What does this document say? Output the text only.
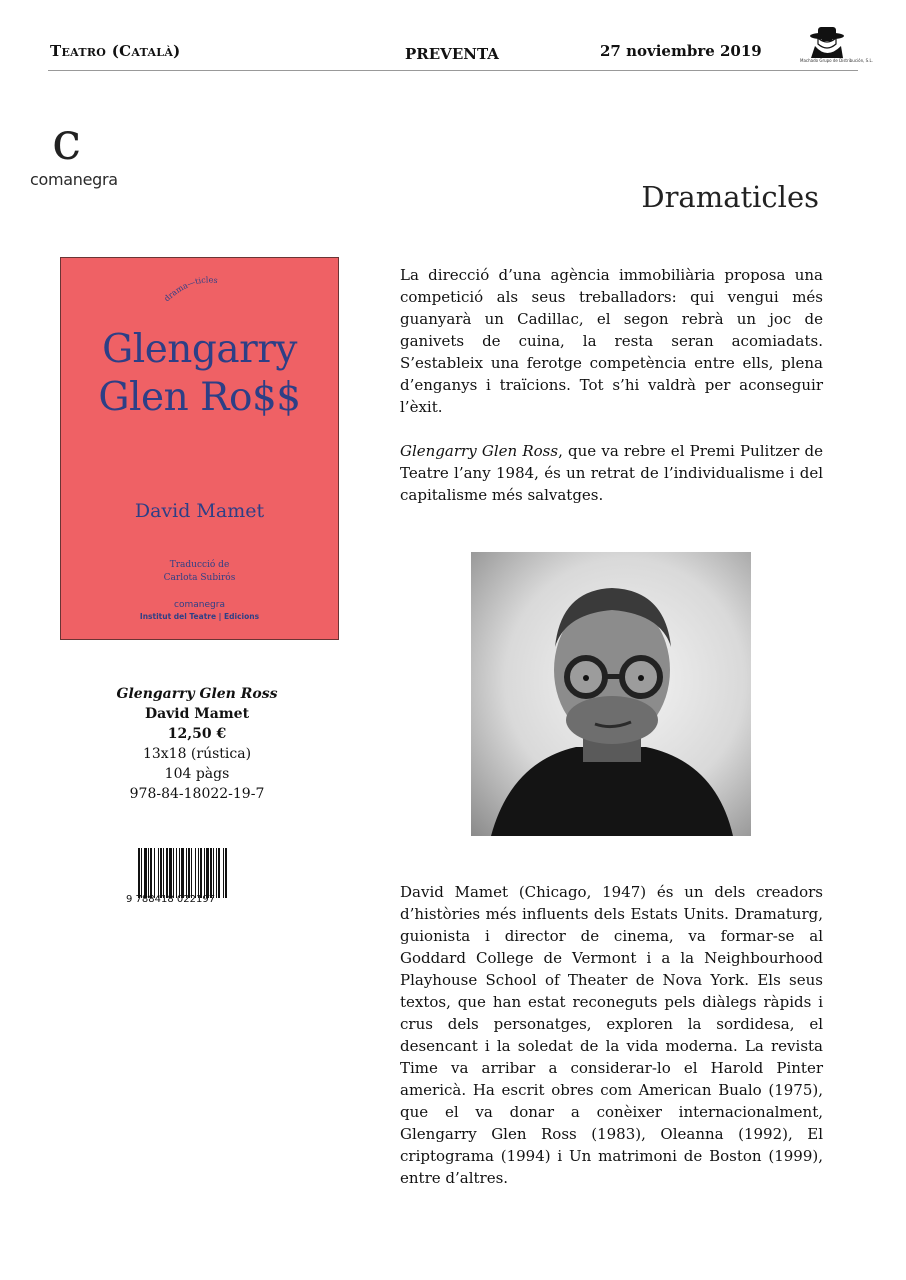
Teatro (Català)	PREVENTA	27 noviembre 2019
Machado Grupo de Distribución, S.L.
c
comanegra
Dramaticles
drama—ticles
Glengarry
Glen Ro$$
David Mamet
Traducció de
Carlota Subirós
comanegra
Institut del Teatre | Edicions
Glengarry Glen Ross
David Mamet
12,50 €
13x18 (rústica)
104 pàgs
978-84-18022-19-7
9 788418 022197
La direcció d’una agència immobiliària proposa una competició als seus treballadors: qui vengui més guanyarà un Cadillac, el segon rebrà un joc de ganivets de cuina, la resta seran acomiadats. S’estableix una ferotge competència entre ells, plena d’enganys i traïcions. Tot s’hi valdrà per aconseguir l’èxit.
Glengarry Glen Ross, que va rebre el Premi Pulitzer de Teatre l’any 1984, és un retrat de l’individualisme i del capitalisme més salvatges.
David Mamet (Chicago, 1947) és un dels creadors d’històries més influents dels Estats Units. Dramaturg, guionista i director de cinema, va formar-se al Goddard College de Vermont i a la Neighbourhood Playhouse School of Theater de Nova York. Els seus textos, que han estat reconeguts pels diàlegs ràpids i crus dels personatges, exploren la sordidesa, el desencant i la soledat de la vida moderna. La revista Time va arribar a considerar-lo el Harold Pinter americà. Ha escrit obres com American Bualo (1975), que el va donar a conèixer internacionalment, Glengarry Glen Ross (1983), Oleanna (1992), El criptograma (1994) i Un matrimoni de Boston (1999), entre d’altres.
